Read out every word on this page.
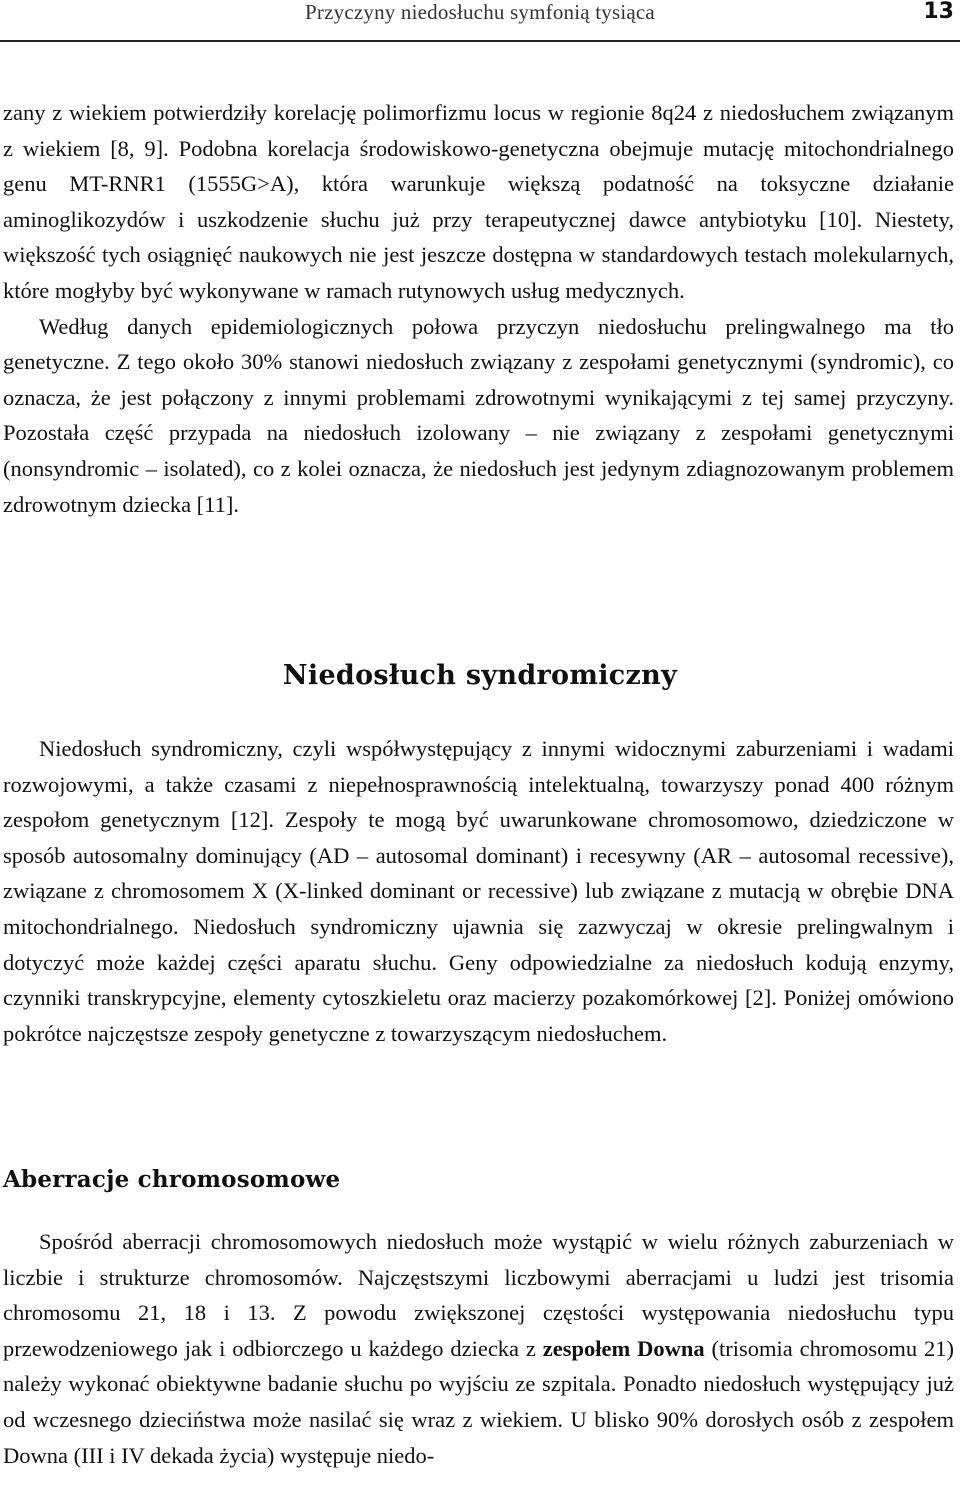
Przyczyny niedosłuchu symfonią tysiąca	13

zany z wiekiem potwierdziły korelację polimorfizmu locus w regionie 8q24 z niedosłuchem związanym z wiekiem [8, 9]. Podobna korelacja środowiskowo-genetyczna obejmuje mutację mitochondrialnego genu MT-RNR1 (1555G>A), która warunkuje większą podatność na toksyczne działanie aminoglikozydów i uszkodzenie słuchu już przy terapeutycznej dawce antybiotyku [10]. Niestety, większość tych osiągnięć naukowych nie jest jeszcze dostępna w standardowych testach molekularnych, które mogłyby być wykonywane w ramach rutynowych usług medycznych.

Według danych epidemiologicznych połowa przyczyn niedosłuchu prelingwalnego ma tło genetyczne. Z tego około 30% stanowi niedosłuch związany z zespołami genetycznymi (syndromic), co oznacza, że jest połączony z innymi problemami zdrowotnymi wynikającymi z tej samej przyczyny. Pozostała część przypada na niedosłuch izolowany – nie związany z zespołami genetycznymi (nonsyndromic – isolated), co z kolei oznacza, że niedosłuch jest jedynym zdiagnozowanym problemem zdrowotnym dziecka [11].

Niedosłuch syndromiczny

Niedosłuch syndromiczny, czyli współwystępujący z innymi widocznymi zaburzeniami i wadami rozwojowymi, a także czasami z niepełnosprawnością intelektualną, towarzyszy ponad 400 różnym zespołom genetycznym [12]. Zespoły te mogą być uwarunkowane chromosomowo, dziedziczone w sposób autosomalny dominujący (AD – autosomal dominant) i recesywny (AR – autosomal recessive), związane z chromosomem X (X-linked dominant or recessive) lub związane z mutacją w obrębie DNA mitochondrialnego. Niedosłuch syndromiczny ujawnia się zazwyczaj w okresie prelingwalnym i dotyczyć może każdej części aparatu słuchu. Geny odpowiedzialne za niedosłuch kodują enzymy, czynniki transkrypcyjne, elementy cytoszkieletu oraz macierzy pozakomórkowej [2]. Poniżej omówiono pokrótce najczęstsze zespoły genetyczne z towarzyszącym niedosłuchem.

Aberracje chromosomowe

Spośród aberracji chromosomowych niedosłuch może wystąpić w wielu różnych zaburzeniach w liczbie i strukturze chromosomów. Najczęstszymi liczbowymi aberracjami u ludzi jest trisomia chromosomu 21, 18 i 13. Z powodu zwiększonej częstości występowania niedosłuchu typu przewodzeniowego jak i odbiorczego u każdego dziecka z zespołem Downa (trisomia chromosomu 21) należy wykonać obiektywne badanie słuchu po wyjściu ze szpitala. Ponadto niedosłuch występujący już od wczesnego dzieciństwa może nasilać się wraz z wiekiem. U blisko 90% dorosłych osób z zespołem Downa (III i IV dekada życia) występuje niedo-
